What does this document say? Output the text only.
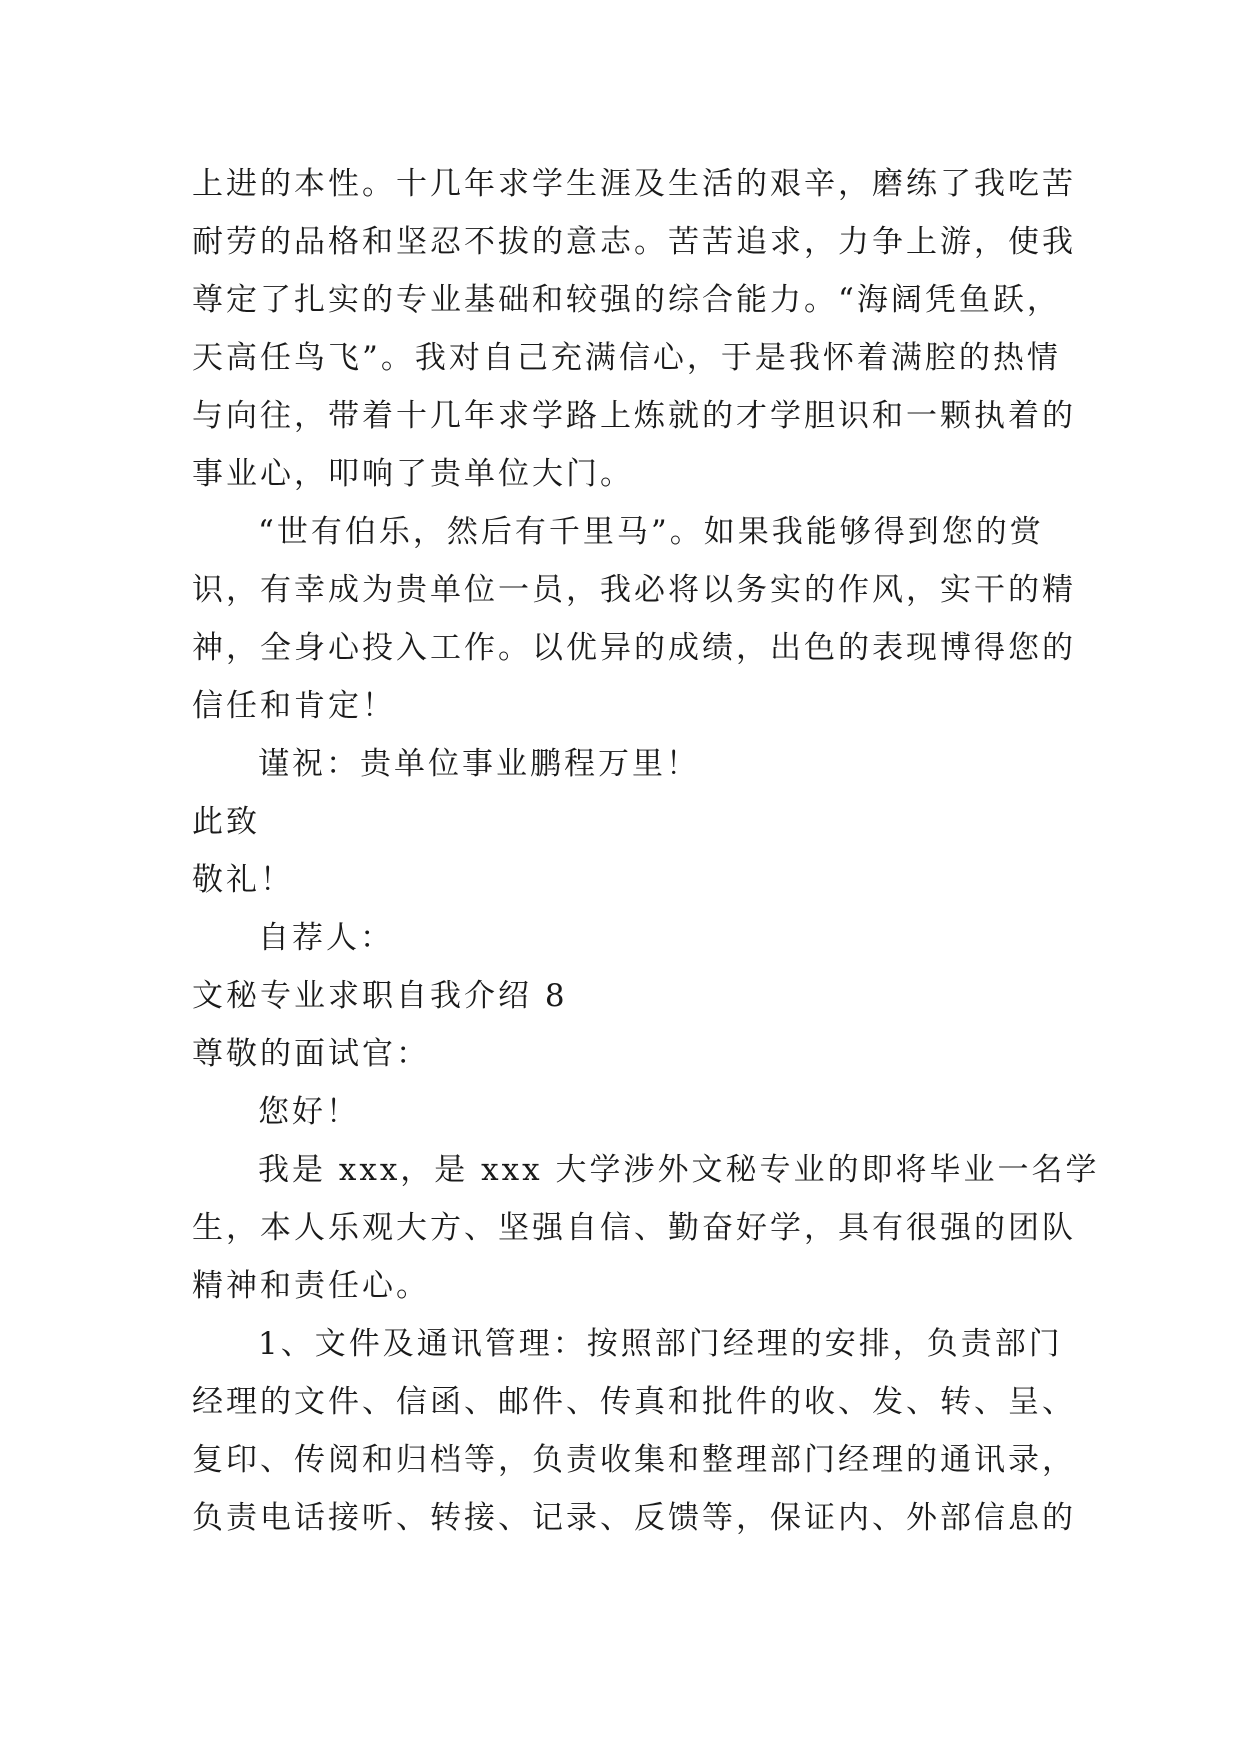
上进的本性。十几年求学生涯及生活的艰辛，磨练了我吃苦
耐劳的品格和坚忍不拔的意志。苦苦追求，力争上游，使我
尊定了扎实的专业基础和较强的综合能力。“海阔凭鱼跃，
天高任鸟飞”。我对自己充满信心，于是我怀着满腔的热情
与向往，带着十几年求学路上炼就的才学胆识和一颗执着的
事业心，叩响了贵单位大门。
“世有伯乐，然后有千里马”。如果我能够得到您的赏
识，有幸成为贵单位一员，我必将以务实的作风，实干的精
神，全身心投入工作。以优异的成绩，出色的表现博得您的
信任和肯定！
谨祝：贵单位事业鹏程万里！
此致
敬礼！
自荐人：
文秘专业求职自我介绍 8
尊敬的面试官：
您好！
我是 xxx，是 xxx 大学涉外文秘专业的即将毕业一名学
生，本人乐观大方、坚强自信、勤奋好学，具有很强的团队
精神和责任心。
1、文件及通讯管理：按照部门经理的安排，负责部门
经理的文件、信函、邮件、传真和批件的收、发、转、呈、
复印、传阅和归档等，负责收集和整理部门经理的通讯录，
负责电话接听、转接、记录、反馈等，保证内、外部信息的
